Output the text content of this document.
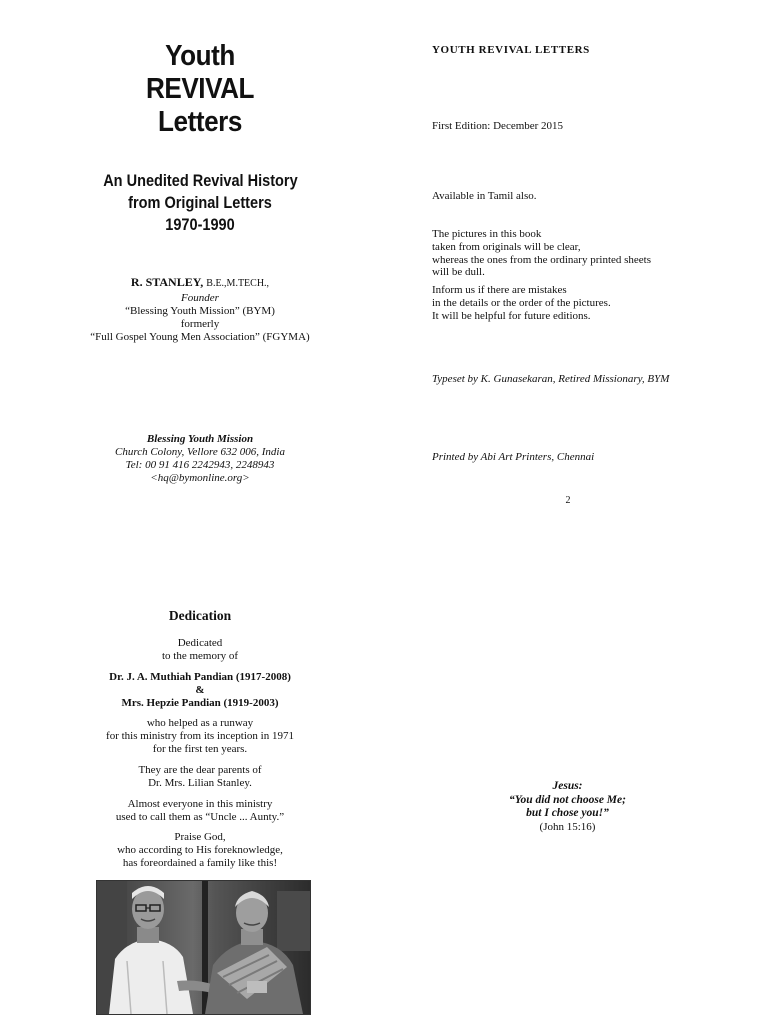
Youth
REVIVAL
Letters
An Unedited Revival History
from Original Letters
1970-1990
R. STANLEY, B.E.,M.TECH.,
Founder
“Blessing Youth Mission” (BYM)
formerly
“Full Gospel Young Men Association” (FGYMA)
Blessing Youth Mission
Church Colony, Vellore 632 006, India
Tel: 00 91 416 2242943, 2248943
<hq@bymonline.org>
YOUTH REVIVAL LETTERS
First Edition: December 2015
Available in Tamil also.
The pictures in this book
taken from originals will be clear,
whereas the ones from the ordinary printed sheets
will be dull.
Inform us if there are mistakes
in the details or the order of the pictures.
It will be helpful for future editions.
Typeset by K. Gunasekaran, Retired Missionary, BYM
Printed by Abi Art Printers, Chennai
2
Dedication
Dedicated
to the memory of
Dr. J. A. Muthiah Pandian (1917-2008)
&
Mrs. Hepzie Pandian (1919-2003)
who helped as a runway
for this ministry from its inception in 1971
for the first ten years.
They are the dear parents of
Dr. Mrs. Lilian Stanley.
Almost everyone in this ministry
used to call them as “Uncle ... Aunty.”
Praise God,
who according to His foreknowledge,
has foreordained a family like this!
Jesus:
“You did not choose Me;
but I chose you!”
(John 15:16)
